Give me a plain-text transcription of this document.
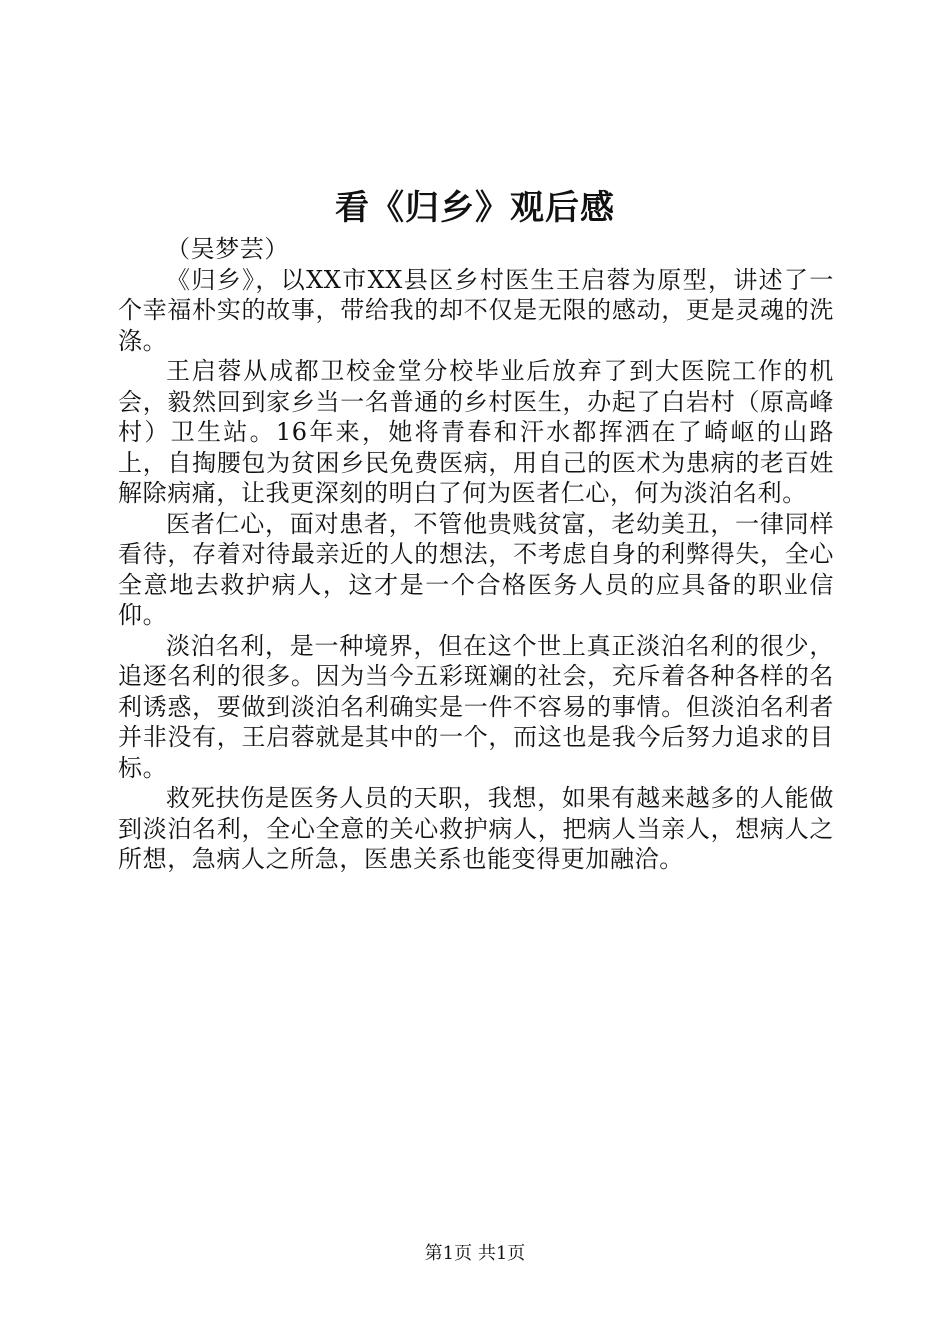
看《归乡》观后感
（吴梦芸）

《归乡》，以XX市XX县区乡村医生王启蓉为原型，讲述了一个幸福朴实的故事，带给我的却不仅是无限的感动，更是灵魂的洗涤。

王启蓉从成都卫校金堂分校毕业后放弃了到大医院工作的机会，毅然回到家乡当一名普通的乡村医生，办起了白岩村（原高峰村）卫生站。16年来，她将青春和汗水都挥洒在了崎岖的山路上，自掏腰包为贫困乡民免费医病，用自己的医术为患病的老百姓解除病痛，让我更深刻的明白了何为医者仁心，何为淡泊名利。

医者仁心，面对患者，不管他贵贱贫富，老幼美丑，一律同样看待，存着对待最亲近的人的想法，不考虑自身的利弊得失，全心全意地去救护病人，这才是一个合格医务人员的应具备的职业信仰。

淡泊名利，是一种境界，但在这个世上真正淡泊名利的很少，追逐名利的很多。因为当今五彩斑斓的社会，充斥着各种各样的名利诱惑，要做到淡泊名利确实是一件不容易的事情。但淡泊名利者并非没有，王启蓉就是其中的一个，而这也是我今后努力追求的目标。

救死扶伤是医务人员的天职，我想，如果有越来越多的人能做到淡泊名利，全心全意的关心救护病人，把病人当亲人，想病人之所想，急病人之所急，医患关系也能变得更加融洽。

第1页 共1页
